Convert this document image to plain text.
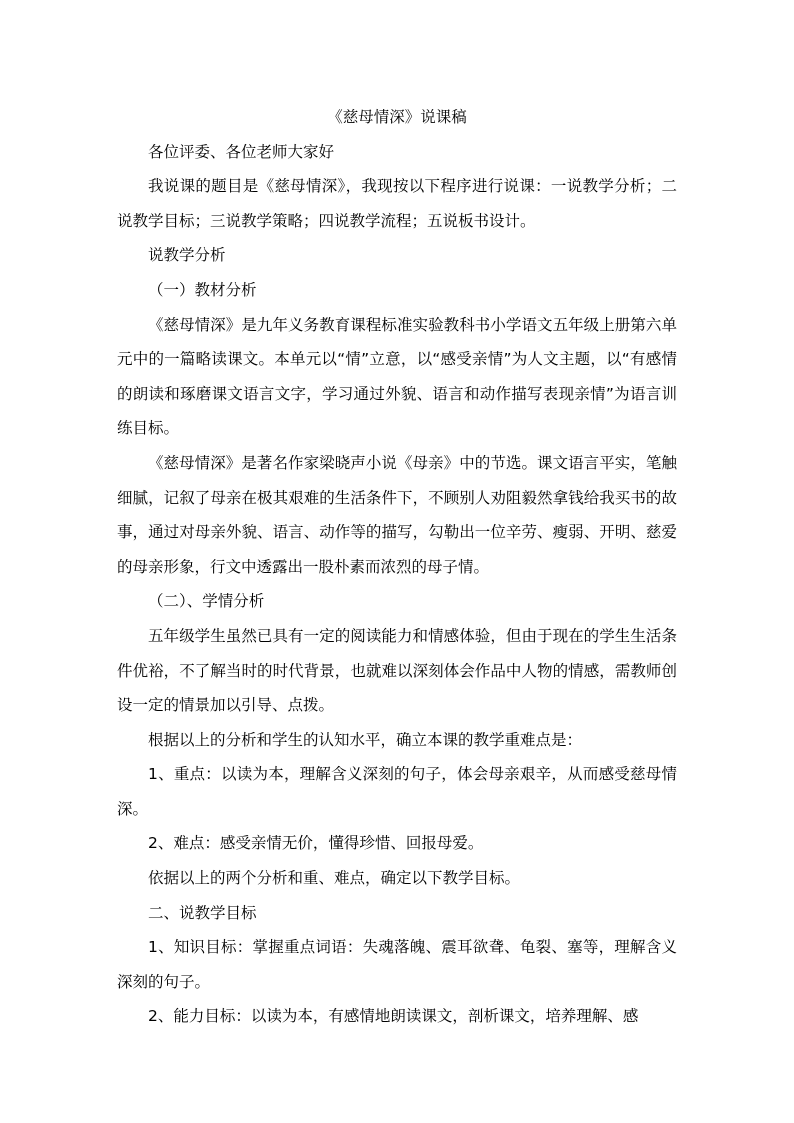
《慈母情深》说课稿

各位评委、各位老师大家好

我说课的题目是《慈母情深》，我现按以下程序进行说课：一说教学分析；二说教学目标；三说教学策略；四说教学流程；五说板书设计。

说教学分析

（一）教材分析

《慈母情深》是九年义务教育课程标准实验教科书小学语文五年级上册第六单元中的一篇略读课文。本单元以“情”立意，以“感受亲情”为人文主题，以“有感情的朗读和琢磨课文语言文字，学习通过外貌、语言和动作描写表现亲情”为语言训练目标。

《慈母情深》是著名作家梁晓声小说《母亲》中的节选。课文语言平实，笔触细腻，记叙了母亲在极其艰难的生活条件下，不顾别人劝阻毅然拿钱给我买书的故事，通过对母亲外貌、语言、动作等的描写，勾勒出一位辛劳、瘦弱、开明、慈爱的母亲形象，行文中透露出一股朴素而浓烈的母子情。

（二）、学情分析

五年级学生虽然已具有一定的阅读能力和情感体验，但由于现在的学生生活条件优裕，不了解当时的时代背景，也就难以深刻体会作品中人物的情感，需教师创设一定的情景加以引导、点拨。

根据以上的分析和学生的认知水平，确立本课的教学重难点是：

1、重点：以读为本，理解含义深刻的句子，体会母亲艰辛，从而感受慈母情深。

2、难点：感受亲情无价，懂得珍惜、回报母爱。

依据以上的两个分析和重、难点，确定以下教学目标。

二、说教学目标

1、知识目标：掌握重点词语：失魂落魄、震耳欲聋、龟裂、塞等，理解含义深刻的句子。

2、能力目标：以读为本，有感情地朗读课文，剖析课文，培养理解、感
